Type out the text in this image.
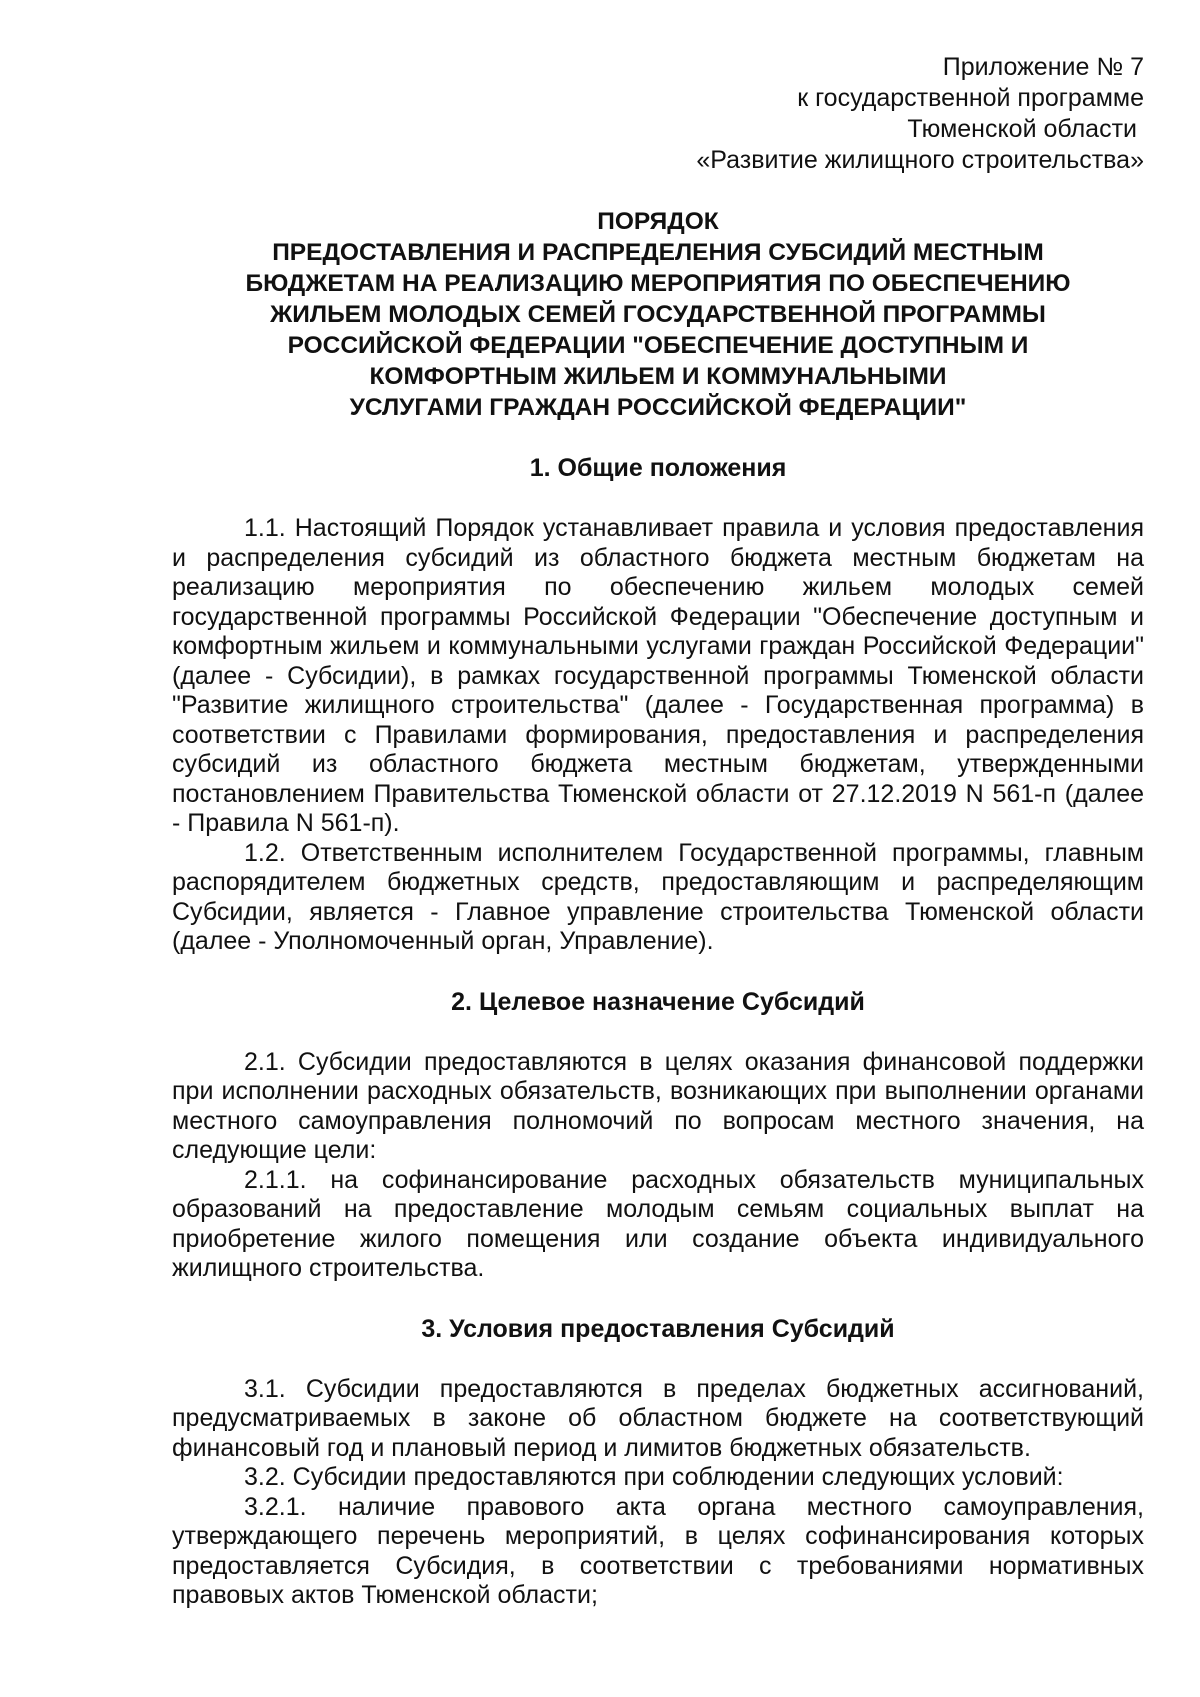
Приложение № 7
к государственной программе
Тюменской области
«Развитие жилищного строительства»
ПОРЯДОК
ПРЕДОСТАВЛЕНИЯ И РАСПРЕДЕЛЕНИЯ СУБСИДИЙ МЕСТНЫМ
БЮДЖЕТАМ НА РЕАЛИЗАЦИЮ МЕРОПРИЯТИЯ ПО ОБЕСПЕЧЕНИЮ
ЖИЛЬЕМ МОЛОДЫХ СЕМЕЙ ГОСУДАРСТВЕННОЙ ПРОГРАММЫ
РОССИЙСКОЙ ФЕДЕРАЦИИ "ОБЕСПЕЧЕНИЕ ДОСТУПНЫМ И
КОМФОРТНЫМ ЖИЛЬЕМ И КОММУНАЛЬНЫМИ
УСЛУГАМИ ГРАЖДАН РОССИЙСКОЙ ФЕДЕРАЦИИ"
1. Общие положения

1.1. Настоящий Порядок устанавливает правила и условия предоставления и распределения субсидий из областного бюджета местным бюджетам на реализацию мероприятия по обеспечению жильем молодых семей государственной программы Российской Федерации "Обеспечение доступным и комфортным жильем и коммунальными услугами граждан Российской Федерации" (далее - Субсидии), в рамках государственной программы Тюменской области "Развитие жилищного строительства" (далее - Государственная программа) в соответствии с Правилами формирования, предоставления и распределения субсидий из областного бюджета местным бюджетам, утвержденными постановлением Правительства Тюменской области от 27.12.2019 N 561-п (далее - Правила N 561-п).

1.2. Ответственным исполнителем Государственной программы, главным распорядителем бюджетных средств, предоставляющим и распределяющим Субсидии, является - Главное управление строительства Тюменской области (далее - Уполномоченный орган, Управление).

2. Целевое назначение Субсидий

2.1. Субсидии предоставляются в целях оказания финансовой поддержки при исполнении расходных обязательств, возникающих при выполнении органами местного самоуправления полномочий по вопросам местного значения, на следующие цели:

2.1.1. на софинансирование расходных обязательств муниципальных образований на предоставление молодым семьям социальных выплат на приобретение жилого помещения или создание объекта индивидуального жилищного строительства.

3. Условия предоставления Субсидий

3.1. Субсидии предоставляются в пределах бюджетных ассигнований, предусматриваемых в законе об областном бюджете на соответствующий финансовый год и плановый период и лимитов бюджетных обязательств.

3.2. Субсидии предоставляются при соблюдении следующих условий:

3.2.1. наличие правового акта органа местного самоуправления, утверждающего перечень мероприятий, в целях софинансирования которых предоставляется Субсидия, в соответствии с требованиями нормативных правовых актов Тюменской области;
